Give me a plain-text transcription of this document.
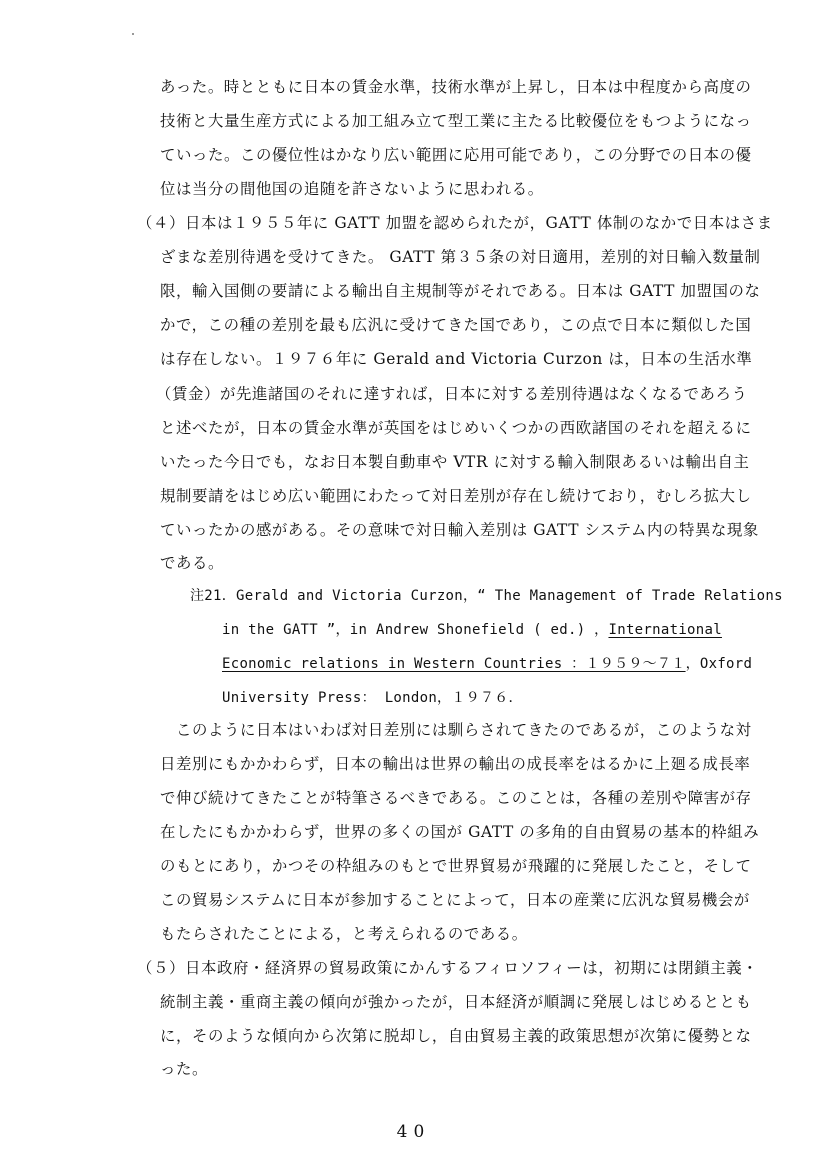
あった。時とともに日本の賃金水準，技術水準が上昇し，日本は中程度から高度の
技術と大量生産方式による加工組み立て型工業に主たる比較優位をもつようになっ
ていった。この優位性はかなり広い範囲に応用可能であり，この分野での日本の優
位は当分の間他国の追随を許さないように思われる。
（４）日本は１９５５年に GATT 加盟を認められたが，GATT 体制のなかで日本はさま
ざまな差別待遇を受けてきた。 GATT 第３５条の対日適用，差別的対日輸入数量制
限，輸入国側の要請による輸出自主規制等がそれである。日本は GATT 加盟国のな
かで，この種の差別を最も広汎に受けてきた国であり，この点で日本に類似した国
は存在しない。１９７６年に Gerald and Victoria Curzon は，日本の生活水準
（賃金）が先進諸国のそれに達すれば，日本に対する差別待遇はなくなるであろう
と述べたが，日本の賃金水準が英国をはじめいくつかの西欧諸国のそれを超えるに
いたった今日でも，なお日本製自動車や VTR に対する輸入制限あるいは輸出自主
規制要請をはじめ広い範囲にわたって対日差別が存在し続けており，むしろ拡大し
ていったかの感がある。その意味で対日輸入差別は GATT システム内の特異な現象
である。
注21．Gerald and Victoria Curzon，“ The Management of Trade Relations
in the GATT ”，in Andrew Shonefield ( ed.) ，International
Economic relations in Western Countries ：１９５９～７１，Oxford
University Press： London，１９７６．
このように日本はいわば対日差別には馴らされてきたのであるが，このような対
日差別にもかかわらず，日本の輸出は世界の輸出の成長率をはるかに上廻る成長率
で伸び続けてきたことが特筆さるべきである。このことは，各種の差別や障害が存
在したにもかかわらず，世界の多くの国が GATT の多角的自由貿易の基本的枠組み
のもとにあり，かつその枠組みのもとで世界貿易が飛躍的に発展したこと，そして
この貿易システムに日本が参加することによって，日本の産業に広汎な貿易機会が
もたらされたことによる，と考えられるのである。
（５）日本政府・経済界の貿易政策にかんするフィロソフィーは，初期には閉鎖主義・
統制主義・重商主義の傾向が強かったが，日本経済が順調に発展しはじめるととも
に，そのような傾向から次第に脱却し，自由貿易主義的政策思想が次第に優勢とな
った。
40
